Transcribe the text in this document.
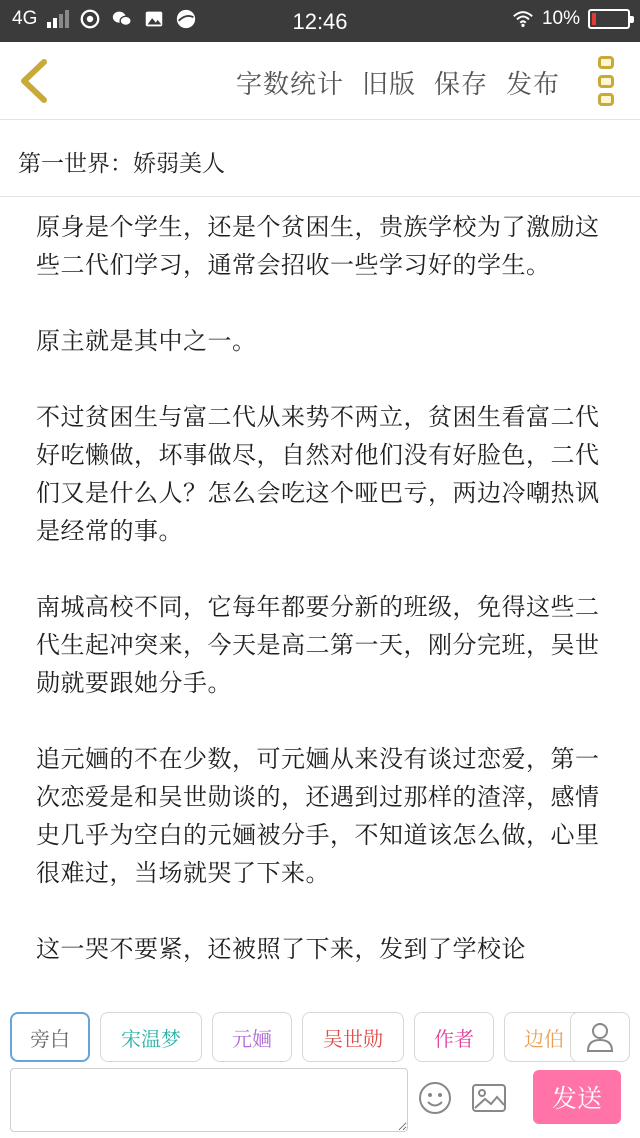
4G	12:46	10%
字数统计 旧版 保存 发布
第一世界：娇弱美人

原身是个学生，还是个贫困生，贵族学校为了激励这些二代们学习，通常会招收一些学习好的学生。

原主就是其中之一。

不过贫困生与富二代从来势不两立，贫困生看富二代好吃懒做，坏事做尽，自然对他们没有好脸色，二代们又是什么人？怎么会吃这个哑巴亏，两边冷嘲热讽是经常的事。

南城高校不同，它每年都要分新的班级，免得这些二代生起冲突来，今天是高二第一天，刚分完班，吴世勋就要跟她分手。

追元婳的不在少数，可元婳从来没有谈过恋爱，第一次恋爱是和吴世勋谈的，还遇到过那样的渣滓，感情史几乎为空白的元婳被分手，不知道该怎么做，心里很难过，当场就哭了下来。

这一哭不要紧，还被照了下来，发到了学校论

旁白	宋温梦	元婳	吴世勋	作者	边伯
发送
